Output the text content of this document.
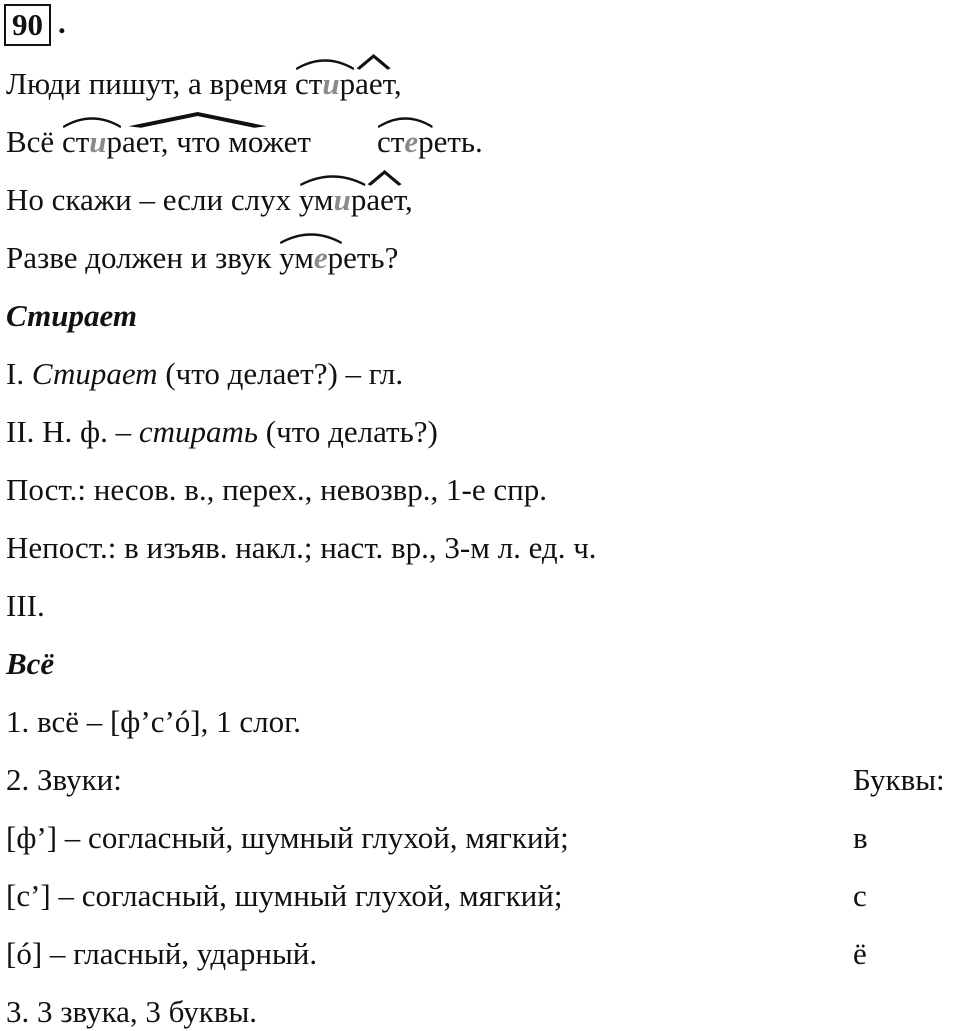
90 .
Люди пишут, а время
стир
ает,
Всё
стир
ает, что может стереть.
Но скажи – если слух
умир
ает,
Разве должен и звук
умереть?
Стирает
I. Стирает (что делает?) – гл.
II. Н. ф. – стирать (что делать?)
Пост.: несов. в., перех., невозвр., 1-е спр.
Непост.: в изъяв. накл.; наст. вр., 3-м л. ед. ч.
III.
Всё
1. всё – [ф’с’ó], 1 слог.
2. Звуки:	Буквы:
[ф’] – согласный, шумный глухой, мягкий;	в
[с’] – согласный, шумный глухой, мягкий;	с
[ó] – гласный, ударный.	ё
3. 3 звука, 3 буквы.
